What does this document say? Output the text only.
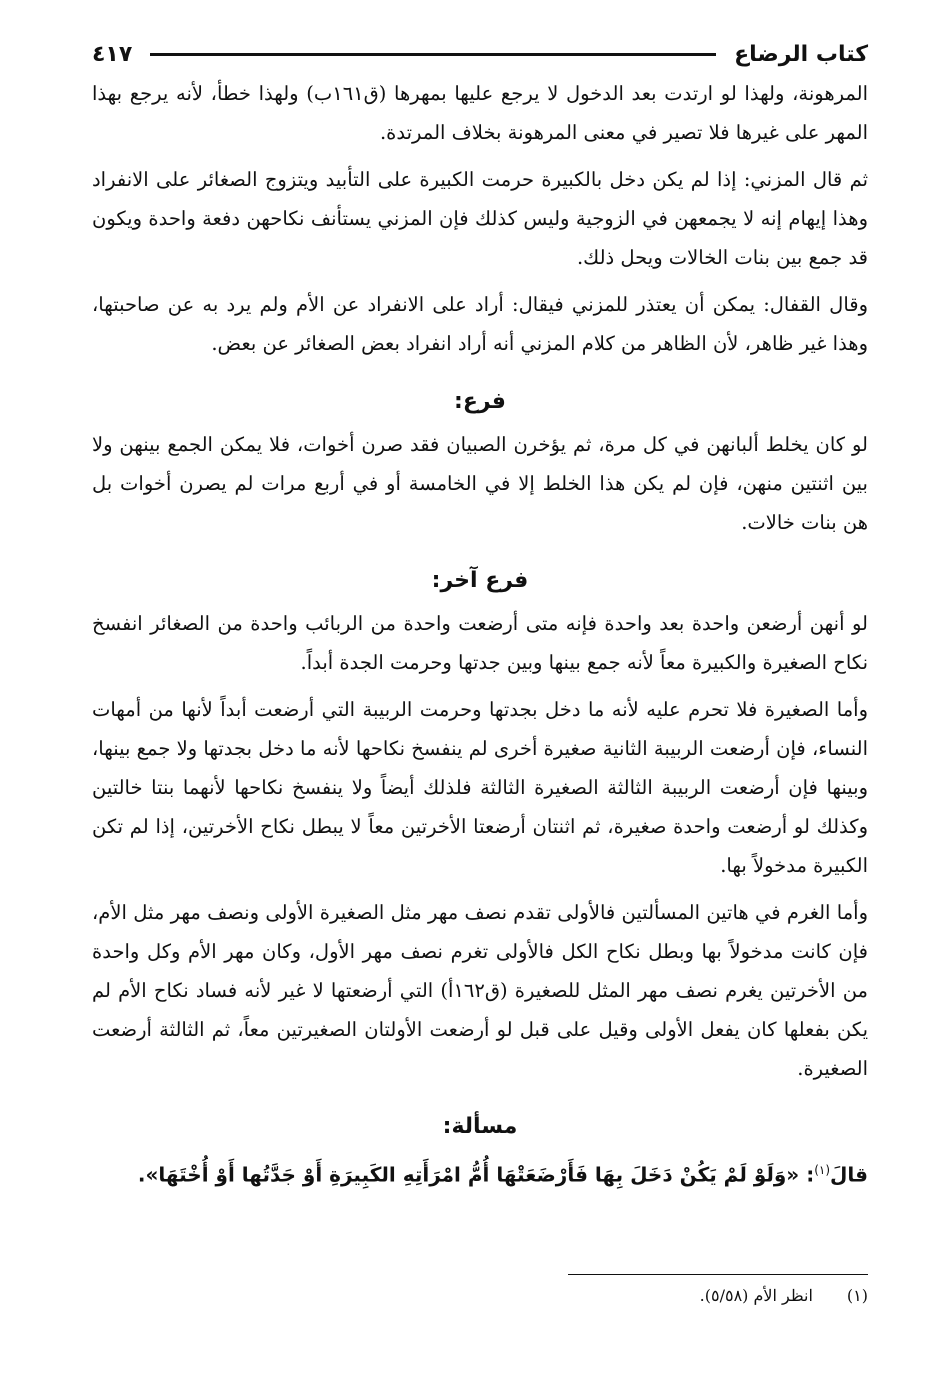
كتاب الرضاع
٤١٧

المرهونة، ولهذا لو ارتدت بعد الدخول لا يرجع عليها بمهرها (ق١٦١ب) ولهذا خطأ، لأنه يرجع بهذا المهر على غيرها فلا تصير في معنى المرهونة بخلاف المرتدة.

ثم قال المزني: إذا لم يكن دخل بالكبيرة حرمت الكبيرة على التأبيد ويتزوج الصغائر على الانفراد وهذا إيهام إنه لا يجمعهن في الزوجية وليس كذلك فإن المزني يستأنف نكاحهن دفعة واحدة ويكون قد جمع بين بنات الخالات ويحل ذلك.

وقال القفال: يمكن أن يعتذر للمزني فيقال: أراد على الانفراد عن الأم ولم يرد به عن صاحبتها، وهذا غير ظاهر، لأن الظاهر من كلام المزني أنه أراد انفراد بعض الصغائر عن بعض.

فرع:

لو كان يخلط ألبانهن في كل مرة، ثم يؤخرن الصبيان فقد صرن أخوات، فلا يمكن الجمع بينهن ولا بين اثنتين منهن، فإن لم يكن هذا الخلط إلا في الخامسة أو في أربع مرات لم يصرن أخوات بل هن بنات خالات.

فرع آخر:

لو أنهن أرضعن واحدة بعد واحدة فإنه متى أرضعت واحدة من الربائب واحدة من الصغائر انفسخ نكاح الصغيرة والكبيرة معاً لأنه جمع بينها وبين جدتها وحرمت الجدة أبداً.

وأما الصغيرة فلا تحرم عليه لأنه ما دخل بجدتها وحرمت الربيبة التي أرضعت أبداً لأنها من أمهات النساء، فإن أرضعت الربيبة الثانية صغيرة أخرى لم ينفسخ نكاحها لأنه ما دخل بجدتها ولا جمع بينها، وبينها فإن أرضعت الربيبة الثالثة الصغيرة الثالثة فلذلك أيضاً ولا ينفسخ نكاحها لأنهما بنتا خالتين وكذلك لو أرضعت واحدة صغيرة، ثم اثنتان أرضعتا الأخرتين معاً لا يبطل نكاح الأخرتين، إذا لم تكن الكبيرة مدخولاً بها.

وأما الغرم في هاتين المسألتين فالأولى تقدم نصف مهر مثل الصغيرة الأولى ونصف مهر مثل الأم، فإن كانت مدخولاً بها وبطل نكاح الكل فالأولى تغرم نصف مهر الأول، وكان مهر الأم وكل واحدة من الأخرتين يغرم نصف مهر المثل للصغيرة (ق١٦٢أ) التي أرضعتها لا غير لأنه فساد نكاح الأم لم يكن بفعلها كان يفعل الأولى وقيل على قبل لو أرضعت الأولتان الصغيرتين معاً، ثم الثالثة أرضعت الصغيرة.

مسألة:
قالَ$^{(١)}$: «وَلَوْ لَمْ يَكُنْ دَخَلَ بِهَا فَأَرْضَعَتْهَا أُمُّ امْرَأَتِهِ الكَبِيرَةِ أَوْ جَدَّتُها أَوْ أُخْتَهَا».
(١)انظر الأم (٥/٥٨).
